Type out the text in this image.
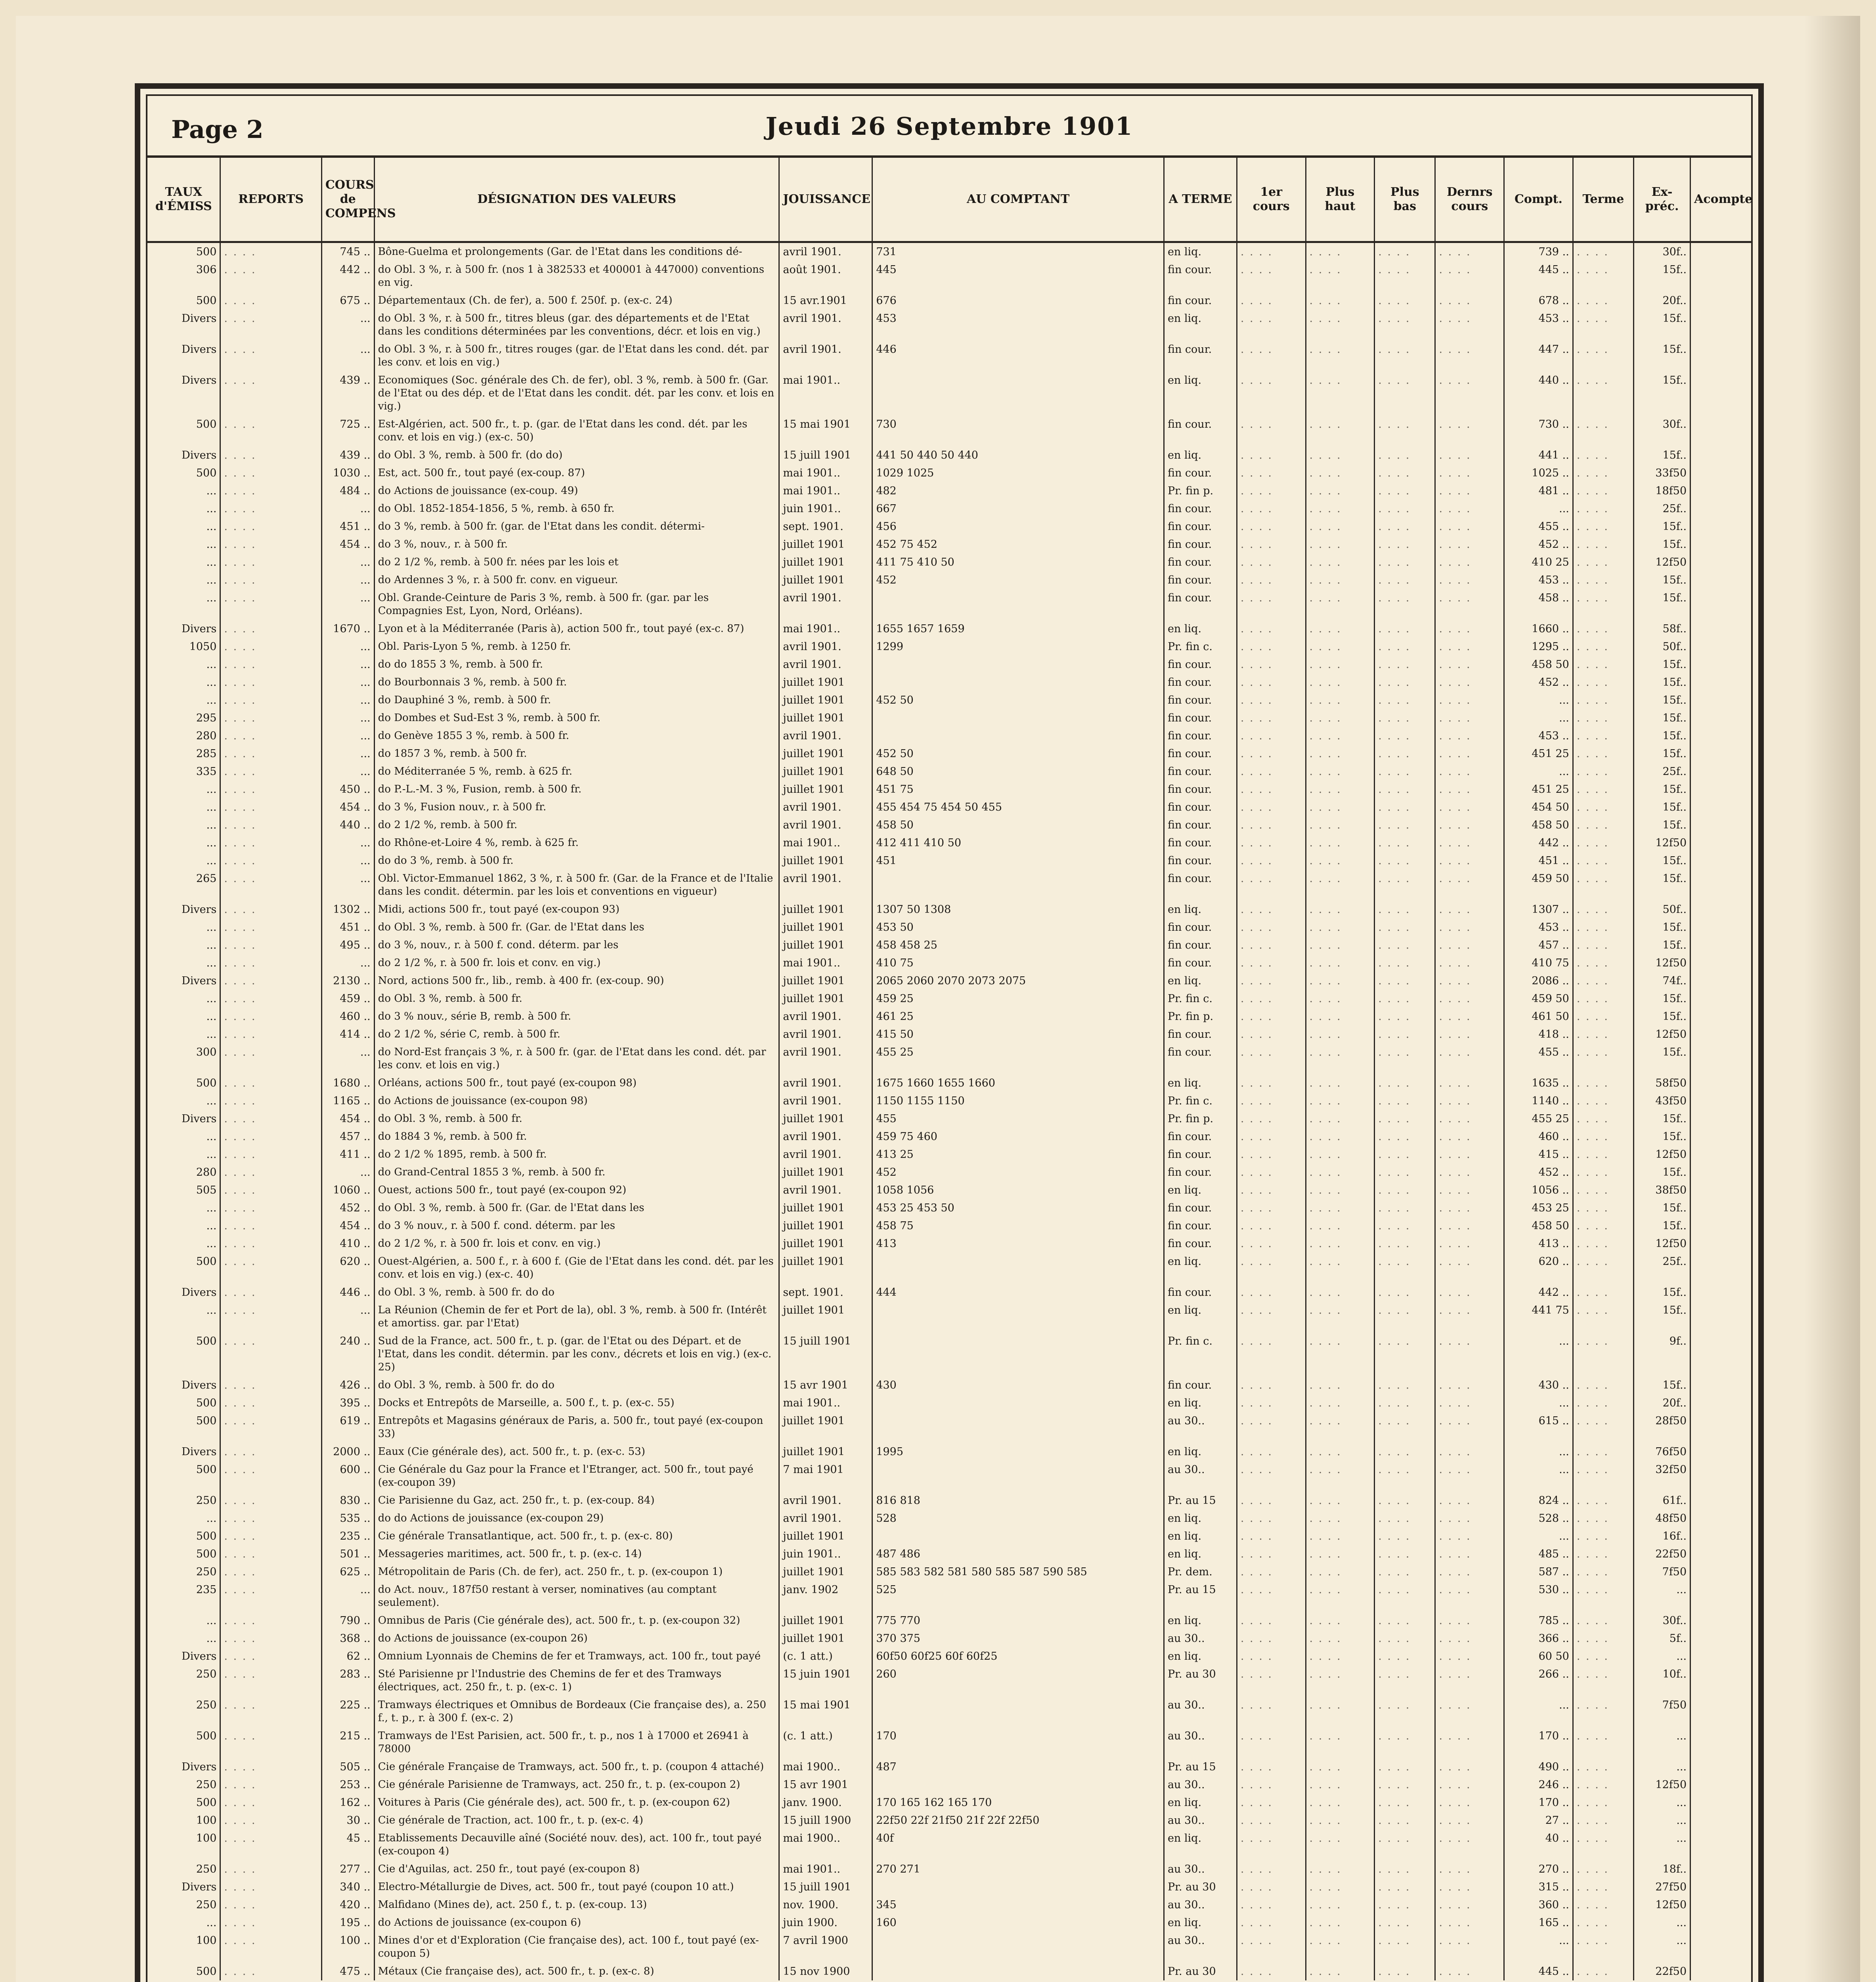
Page 2	Jeudi 26 Septembre 1901
TAUX d'ÉMISS	REPORTS	COURS de COMPENS	DÉSIGNATION DES VALEURS	JOUISSANCE	AU COMPTANT	A TERME	1er cours	Plus haut	Plus bas	Dernrs cours	Compt.	Terme	Ex-préc.	Acompte
500	. . . .	745 ..	Bône-Guelma et prolongements (Gar. de l'Etat dans les conditions dé-	avril 1901.	731	en liq.	. . . .	. . . .	. . . .	. . . .	739 ..	. . . .	30f..	
306	. . . .	442 ..	do Obl. 3 %, r. à 500 fr. (nos 1 à 382533 et 400001 à 447000) conventions en vig.	août 1901.	445	fin cour.	. . . .	. . . .	. . . .	. . . .	445 ..	. . . .	15f..	
500	. . . .	675 ..	Départementaux (Ch. de fer), a. 500 f. 250f. p. (ex-c. 24)	15 avr.1901	676	fin cour.	. . . .	. . . .	. . . .	. . . .	678 ..	. . . .	20f..	
Divers	. . . .	...	do Obl. 3 %, r. à 500 fr., titres bleus (gar. des départements et de l'Etat dans les conditions déterminées par les conventions, décr. et lois en vig.)	avril 1901.	453	en liq.	. . . .	. . . .	. . . .	. . . .	453 ..	. . . .	15f..	
Divers	. . . .	...	do Obl. 3 %, r. à 500 fr., titres rouges (gar. de l'Etat dans les cond. dét. par les conv. et lois en vig.)	avril 1901.	446	fin cour.	. . . .	. . . .	. . . .	. . . .	447 ..	. . . .	15f..	
Divers	. . . .	439 ..	Economiques (Soc. générale des Ch. de fer), obl. 3 %, remb. à 500 fr. (Gar. de l'Etat ou des dép. et de l'Etat dans les condit. dét. par les conv. et lois en vig.)	mai 1901..		en liq.	. . . .	. . . .	. . . .	. . . .	440 ..	. . . .	15f..	
500	. . . .	725 ..	Est-Algérien, act. 500 fr., t. p. (gar. de l'Etat dans les cond. dét. par les conv. et lois en vig.) (ex-c. 50)	15 mai 1901	730	fin cour.	. . . .	. . . .	. . . .	. . . .	730 ..	. . . .	30f..	
Divers	. . . .	439 ..	do Obl. 3 %, remb. à 500 fr. (do do)	15 juill 1901	441 50 440 50 440	en liq.	. . . .	. . . .	. . . .	. . . .	441 ..	. . . .	15f..	
500	. . . .	1030 ..	Est, act. 500 fr., tout payé (ex-coup. 87)	mai 1901..	1029 1025	fin cour.	. . . .	. . . .	. . . .	. . . .	1025 ..	. . . .	33f50	
...	. . . .	484 ..	do Actions de jouissance (ex-coup. 49)	mai 1901..	482	Pr. fin p.	. . . .	. . . .	. . . .	. . . .	481 ..	. . . .	18f50	
...	. . . .	...	do Obl. 1852-1854-1856, 5 %, remb. à 650 fr.	juin 1901..	667	fin cour.	. . . .	. . . .	. . . .	. . . .	...	. . . .	25f..	
...	. . . .	451 ..	do 3 %, remb. à 500 fr. (gar. de l'Etat dans les condit. détermi-	sept. 1901.	456	fin cour.	. . . .	. . . .	. . . .	. . . .	455 ..	. . . .	15f..	
...	. . . .	454 ..	do 3 %, nouv., r. à 500 fr.	juillet 1901	452 75 452	fin cour.	. . . .	. . . .	. . . .	. . . .	452 ..	. . . .	15f..	
...	. . . .	...	do 2 1/2 %, remb. à 500 fr. nées par les lois et	juillet 1901	411 75 410 50	fin cour.	. . . .	. . . .	. . . .	. . . .	410 25	. . . .	12f50	
...	. . . .	...	do Ardennes 3 %, r. à 500 fr. conv. en vigueur.	juillet 1901	452	fin cour.	. . . .	. . . .	. . . .	. . . .	453 ..	. . . .	15f..	
...	. . . .	...	Obl. Grande-Ceinture de Paris 3 %, remb. à 500 fr. (gar. par les Compagnies Est, Lyon, Nord, Orléans).	avril 1901.		fin cour.	. . . .	. . . .	. . . .	. . . .	458 ..	. . . .	15f..	
Divers	. . . .	1670 ..	Lyon et à la Méditerranée (Paris à), action 500 fr., tout payé (ex-c. 87)	mai 1901..	1655 1657 1659	en liq.	. . . .	. . . .	. . . .	. . . .	1660 ..	. . . .	58f..	
1050	. . . .	...	Obl. Paris-Lyon 5 %, remb. à 1250 fr.	avril 1901.	1299	Pr. fin c.	. . . .	. . . .	. . . .	. . . .	1295 ..	. . . .	50f..	
...	. . . .	...	do do 1855 3 %, remb. à 500 fr.	avril 1901.		fin cour.	. . . .	. . . .	. . . .	. . . .	458 50	. . . .	15f..	
...	. . . .	...	do Bourbonnais 3 %, remb. à 500 fr.	juillet 1901		fin cour.	. . . .	. . . .	. . . .	. . . .	452 ..	. . . .	15f..	
...	. . . .	...	do Dauphiné 3 %, remb. à 500 fr.	juillet 1901	452 50	fin cour.	. . . .	. . . .	. . . .	. . . .	...	. . . .	15f..	
295	. . . .	...	do Dombes et Sud-Est 3 %, remb. à 500 fr.	juillet 1901		fin cour.	. . . .	. . . .	. . . .	. . . .	...	. . . .	15f..	
280	. . . .	...	do Genève 1855 3 %, remb. à 500 fr.	avril 1901.		fin cour.	. . . .	. . . .	. . . .	. . . .	453 ..	. . . .	15f..	
285	. . . .	...	do 1857 3 %, remb. à 500 fr.	juillet 1901	452 50	fin cour.	. . . .	. . . .	. . . .	. . . .	451 25	. . . .	15f..	
335	. . . .	...	do Méditerranée 5 %, remb. à 625 fr.	juillet 1901	648 50	fin cour.	. . . .	. . . .	. . . .	. . . .	...	. . . .	25f..	
...	. . . .	450 ..	do P.-L.-M. 3 %, Fusion, remb. à 500 fr.	juillet 1901	451 75	fin cour.	. . . .	. . . .	. . . .	. . . .	451 25	. . . .	15f..	
...	. . . .	454 ..	do 3 %, Fusion nouv., r. à 500 fr.	avril 1901.	455 454 75 454 50 455	fin cour.	. . . .	. . . .	. . . .	. . . .	454 50	. . . .	15f..	
...	. . . .	440 ..	do 2 1/2 %, remb. à 500 fr.	avril 1901.	458 50	fin cour.	. . . .	. . . .	. . . .	. . . .	458 50	. . . .	15f..	
...	. . . .	...	do Rhône-et-Loire 4 %, remb. à 625 fr.	mai 1901..	412 411 410 50	fin cour.	. . . .	. . . .	. . . .	. . . .	442 ..	. . . .	12f50	
...	. . . .	...	do do 3 %, remb. à 500 fr.	juillet 1901	451	fin cour.	. . . .	. . . .	. . . .	. . . .	451 ..	. . . .	15f..	
265	. . . .	...	Obl. Victor-Emmanuel 1862, 3 %, r. à 500 fr. (Gar. de la France et de l'Italie dans les condit. détermin. par les lois et conventions en vigueur)	avril 1901.		fin cour.	. . . .	. . . .	. . . .	. . . .	459 50	. . . .	15f..	
Divers	. . . .	1302 ..	Midi, actions 500 fr., tout payé (ex-coupon 93)	juillet 1901	1307 50 1308	en liq.	. . . .	. . . .	. . . .	. . . .	1307 ..	. . . .	50f..	
...	. . . .	451 ..	do Obl. 3 %, remb. à 500 fr. (Gar. de l'Etat dans les	juillet 1901	453 50	fin cour.	. . . .	. . . .	. . . .	. . . .	453 ..	. . . .	15f..	
...	. . . .	495 ..	do 3 %, nouv., r. à 500 f. cond. déterm. par les	juillet 1901	458 458 25	fin cour.	. . . .	. . . .	. . . .	. . . .	457 ..	. . . .	15f..	
...	. . . .	...	do 2 1/2 %, r. à 500 fr. lois et conv. en vig.)	mai 1901..	410 75	fin cour.	. . . .	. . . .	. . . .	. . . .	410 75	. . . .	12f50	
Divers	. . . .	2130 ..	Nord, actions 500 fr., lib., remb. à 400 fr. (ex-coup. 90)	juillet 1901	2065 2060 2070 2073 2075	en liq.	. . . .	. . . .	. . . .	. . . .	2086 ..	. . . .	74f..	
...	. . . .	459 ..	do Obl. 3 %, remb. à 500 fr.	juillet 1901	459 25	Pr. fin c.	. . . .	. . . .	. . . .	. . . .	459 50	. . . .	15f..	
...	. . . .	460 ..	do 3 % nouv., série B, remb. à 500 fr.	avril 1901.	461 25	Pr. fin p.	. . . .	. . . .	. . . .	. . . .	461 50	. . . .	15f..	
...	. . . .	414 ..	do 2 1/2 %, série C, remb. à 500 fr.	avril 1901.	415 50	fin cour.	. . . .	. . . .	. . . .	. . . .	418 ..	. . . .	12f50	
300	. . . .	...	do Nord-Est français 3 %, r. à 500 fr. (gar. de l'Etat dans les cond. dét. par les conv. et lois en vig.)	avril 1901.	455 25	fin cour.	. . . .	. . . .	. . . .	. . . .	455 ..	. . . .	15f..	
500	. . . .	1680 ..	Orléans, actions 500 fr., tout payé (ex-coupon 98)	avril 1901.	1675 1660 1655 1660	en liq.	. . . .	. . . .	. . . .	. . . .	1635 ..	. . . .	58f50	
...	. . . .	1165 ..	do Actions de jouissance (ex-coupon 98)	avril 1901.	1150 1155 1150	Pr. fin c.	. . . .	. . . .	. . . .	. . . .	1140 ..	. . . .	43f50	
Divers	. . . .	454 ..	do Obl. 3 %, remb. à 500 fr.	juillet 1901	455	Pr. fin p.	. . . .	. . . .	. . . .	. . . .	455 25	. . . .	15f..	
...	. . . .	457 ..	do 1884 3 %, remb. à 500 fr.	avril 1901.	459 75 460	fin cour.	. . . .	. . . .	. . . .	. . . .	460 ..	. . . .	15f..	
...	. . . .	411 ..	do 2 1/2 % 1895, remb. à 500 fr.	avril 1901.	413 25	fin cour.	. . . .	. . . .	. . . .	. . . .	415 ..	. . . .	12f50	
280	. . . .	...	do Grand-Central 1855 3 %, remb. à 500 fr.	juillet 1901	452	fin cour.	. . . .	. . . .	. . . .	. . . .	452 ..	. . . .	15f..	
505	. . . .	1060 ..	Ouest, actions 500 fr., tout payé (ex-coupon 92)	avril 1901.	1058 1056	en liq.	. . . .	. . . .	. . . .	. . . .	1056 ..	. . . .	38f50	
...	. . . .	452 ..	do Obl. 3 %, remb. à 500 fr. (Gar. de l'Etat dans les	juillet 1901	453 25 453 50	fin cour.	. . . .	. . . .	. . . .	. . . .	453 25	. . . .	15f..	
...	. . . .	454 ..	do 3 % nouv., r. à 500 f. cond. déterm. par les	juillet 1901	458 75	fin cour.	. . . .	. . . .	. . . .	. . . .	458 50	. . . .	15f..	
...	. . . .	410 ..	do 2 1/2 %, r. à 500 fr. lois et conv. en vig.)	juillet 1901	413	fin cour.	. . . .	. . . .	. . . .	. . . .	413 ..	. . . .	12f50	
500	. . . .	620 ..	Ouest-Algérien, a. 500 f., r. à 600 f. (Gie de l'Etat dans les cond. dét. par les conv. et lois en vig.) (ex-c. 40)	juillet 1901		en liq.	. . . .	. . . .	. . . .	. . . .	620 ..	. . . .	25f..	
Divers	. . . .	446 ..	do Obl. 3 %, remb. à 500 fr. do do	sept. 1901.	444	fin cour.	. . . .	. . . .	. . . .	. . . .	442 ..	. . . .	15f..	
...	. . . .	...	La Réunion (Chemin de fer et Port de la), obl. 3 %, remb. à 500 fr. (Intérêt et amortiss. gar. par l'Etat)	juillet 1901		en liq.	. . . .	. . . .	. . . .	. . . .	441 75	. . . .	15f..	
500	. . . .	240 ..	Sud de la France, act. 500 fr., t. p. (gar. de l'Etat ou des Départ. et de l'Etat, dans les condit. détermin. par les conv., décrets et lois en vig.) (ex-c. 25)	15 juill 1901		Pr. fin c.	. . . .	. . . .	. . . .	. . . .	...	. . . .	9f..	
Divers	. . . .	426 ..	do Obl. 3 %, remb. à 500 fr. do do	15 avr 1901	430	fin cour.	. . . .	. . . .	. . . .	. . . .	430 ..	. . . .	15f..	
500	. . . .	395 ..	Docks et Entrepôts de Marseille, a. 500 f., t. p. (ex-c. 55)	mai 1901..		en liq.	. . . .	. . . .	. . . .	. . . .	...	. . . .	20f..	
500	. . . .	619 ..	Entrepôts et Magasins généraux de Paris, a. 500 fr., tout payé (ex-coupon 33)	juillet 1901		au 30..	. . . .	. . . .	. . . .	. . . .	615 ..	. . . .	28f50	
Divers	. . . .	2000 ..	Eaux (Cie générale des), act. 500 fr., t. p. (ex-c. 53)	juillet 1901	1995	en liq.	. . . .	. . . .	. . . .	. . . .	...	. . . .	76f50	
500	. . . .	600 ..	Cie Générale du Gaz pour la France et l'Etranger, act. 500 fr., tout payé (ex-coupon 39)	7 mai 1901		au 30..	. . . .	. . . .	. . . .	. . . .	...	. . . .	32f50	
250	. . . .	830 ..	Cie Parisienne du Gaz, act. 250 fr., t. p. (ex-coup. 84)	avril 1901.	816 818	Pr. au 15	. . . .	. . . .	. . . .	. . . .	824 ..	. . . .	61f..	
...	. . . .	535 ..	do do Actions de jouissance (ex-coupon 29)	avril 1901.	528	en liq.	. . . .	. . . .	. . . .	. . . .	528 ..	. . . .	48f50	
500	. . . .	235 ..	Cie générale Transatlantique, act. 500 fr., t. p. (ex-c. 80)	juillet 1901		en liq.	. . . .	. . . .	. . . .	. . . .	...	. . . .	16f..	
500	. . . .	501 ..	Messageries maritimes, act. 500 fr., t. p. (ex-c. 14)	juin 1901..	487 486	en liq.	. . . .	. . . .	. . . .	. . . .	485 ..	. . . .	22f50	
250	. . . .	625 ..	Métropolitain de Paris (Ch. de fer), act. 250 fr., t. p. (ex-coupon 1)	juillet 1901	585 583 582 581 580 585 587 590 585	Pr. dem.	. . . .	. . . .	. . . .	. . . .	587 ..	. . . .	7f50	
235	. . . .	...	do Act. nouv., 187f50 restant à verser, nominatives (au comptant seulement).	janv. 1902	525	Pr. au 15	. . . .	. . . .	. . . .	. . . .	530 ..	. . . .	...	
...	. . . .	790 ..	Omnibus de Paris (Cie générale des), act. 500 fr., t. p. (ex-coupon 32)	juillet 1901	775 770	en liq.	. . . .	. . . .	. . . .	. . . .	785 ..	. . . .	30f..	
...	. . . .	368 ..	do Actions de jouissance (ex-coupon 26)	juillet 1901	370 375	au 30..	. . . .	. . . .	. . . .	. . . .	366 ..	. . . .	5f..	
Divers	. . . .	62 ..	Omnium Lyonnais de Chemins de fer et Tramways, act. 100 fr., tout payé	(c. 1 att.)	60f50 60f25 60f 60f25	en liq.	. . . .	. . . .	. . . .	. . . .	60 50	. . . .	...	
250	. . . .	283 ..	Sté Parisienne pr l'Industrie des Chemins de fer et des Tramways électriques, act. 250 fr., t. p. (ex-c. 1)	15 juin 1901	260	Pr. au 30	. . . .	. . . .	. . . .	. . . .	266 ..	. . . .	10f..	
250	. . . .	225 ..	Tramways électriques et Omnibus de Bordeaux (Cie française des), a. 250 f., t. p., r. à 300 f. (ex-c. 2)	15 mai 1901		au 30..	. . . .	. . . .	. . . .	. . . .	...	. . . .	7f50	
500	. . . .	215 ..	Tramways de l'Est Parisien, act. 500 fr., t. p., nos 1 à 17000 et 26941 à 78000	(c. 1 att.)	170	au 30..	. . . .	. . . .	. . . .	. . . .	170 ..	. . . .	...	
Divers	. . . .	505 ..	Cie générale Française de Tramways, act. 500 fr., t. p. (coupon 4 attaché)	mai 1900..	487	Pr. au 15	. . . .	. . . .	. . . .	. . . .	490 ..	. . . .	...	
250	. . . .	253 ..	Cie générale Parisienne de Tramways, act. 250 fr., t. p. (ex-coupon 2)	15 avr 1901		au 30..	. . . .	. . . .	. . . .	. . . .	246 ..	. . . .	12f50	
500	. . . .	162 ..	Voitures à Paris (Cie générale des), act. 500 fr., t. p. (ex-coupon 62)	janv. 1900.	170 165 162 165 170	en liq.	. . . .	. . . .	. . . .	. . . .	170 ..	. . . .	...	
100	. . . .	30 ..	Cie générale de Traction, act. 100 fr., t. p. (ex-c. 4)	15 juill 1900	22f50 22f 21f50 21f 22f 22f50	au 30..	. . . .	. . . .	. . . .	. . . .	27 ..	. . . .	...	
100	. . . .	45 ..	Etablissements Decauville aîné (Société nouv. des), act. 100 fr., tout payé (ex-coupon 4)	mai 1900..	40f	en liq.	. . . .	. . . .	. . . .	. . . .	40 ..	. . . .	...	
250	. . . .	277 ..	Cie d'Aguilas, act. 250 fr., tout payé (ex-coupon 8)	mai 1901..	270 271	au 30..	. . . .	. . . .	. . . .	. . . .	270 ..	. . . .	18f..	
Divers	. . . .	340 ..	Electro-Métallurgie de Dives, act. 500 fr., tout payé (coupon 10 att.)	15 juill 1901		Pr. au 30	. . . .	. . . .	. . . .	. . . .	315 ..	. . . .	27f50	
250	. . . .	420 ..	Malfidano (Mines de), act. 250 f., t. p. (ex-coup. 13)	nov. 1900.	345	au 30..	. . . .	. . . .	. . . .	. . . .	360 ..	. . . .	12f50	
...	. . . .	195 ..	do Actions de jouissance (ex-coupon 6)	juin 1900.	160	en liq.	. . . .	. . . .	. . . .	. . . .	165 ..	. . . .	...	
100	. . . .	100 ..	Mines d'or et d'Exploration (Cie française des), act. 100 f., tout payé (ex-coupon 5)	7 avril 1900		au 30..	. . . .	. . . .	. . . .	. . . .	...	. . . .	...	
500	. . . .	475 ..	Métaux (Cie française des), act. 500 fr., t. p. (ex-c. 8)	15 nov 1900		Pr. au 30	. . . .	. . . .	. . . .	. . . .	445 ..	. . . .	22f50	
